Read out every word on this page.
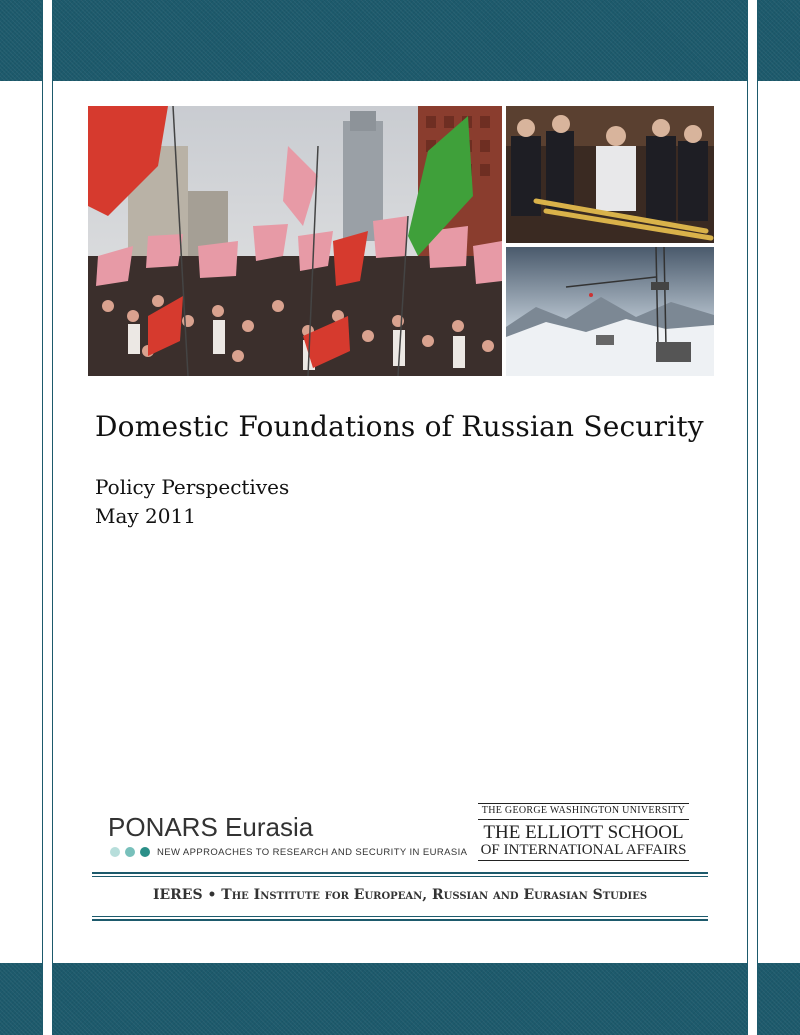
Domestic Foundations of Russian Security
Policy Perspectives
May 2011
PONARS Eurasia
NEW APPROACHES TO RESEARCH AND SECURITY IN EURASIA
THE GEORGE WASHINGTON UNIVERSITY
THE ELLIOTT SCHOOL
OF INTERNATIONAL AFFAIRS
IERES • The Institute for European, Russian and Eurasian Studies
